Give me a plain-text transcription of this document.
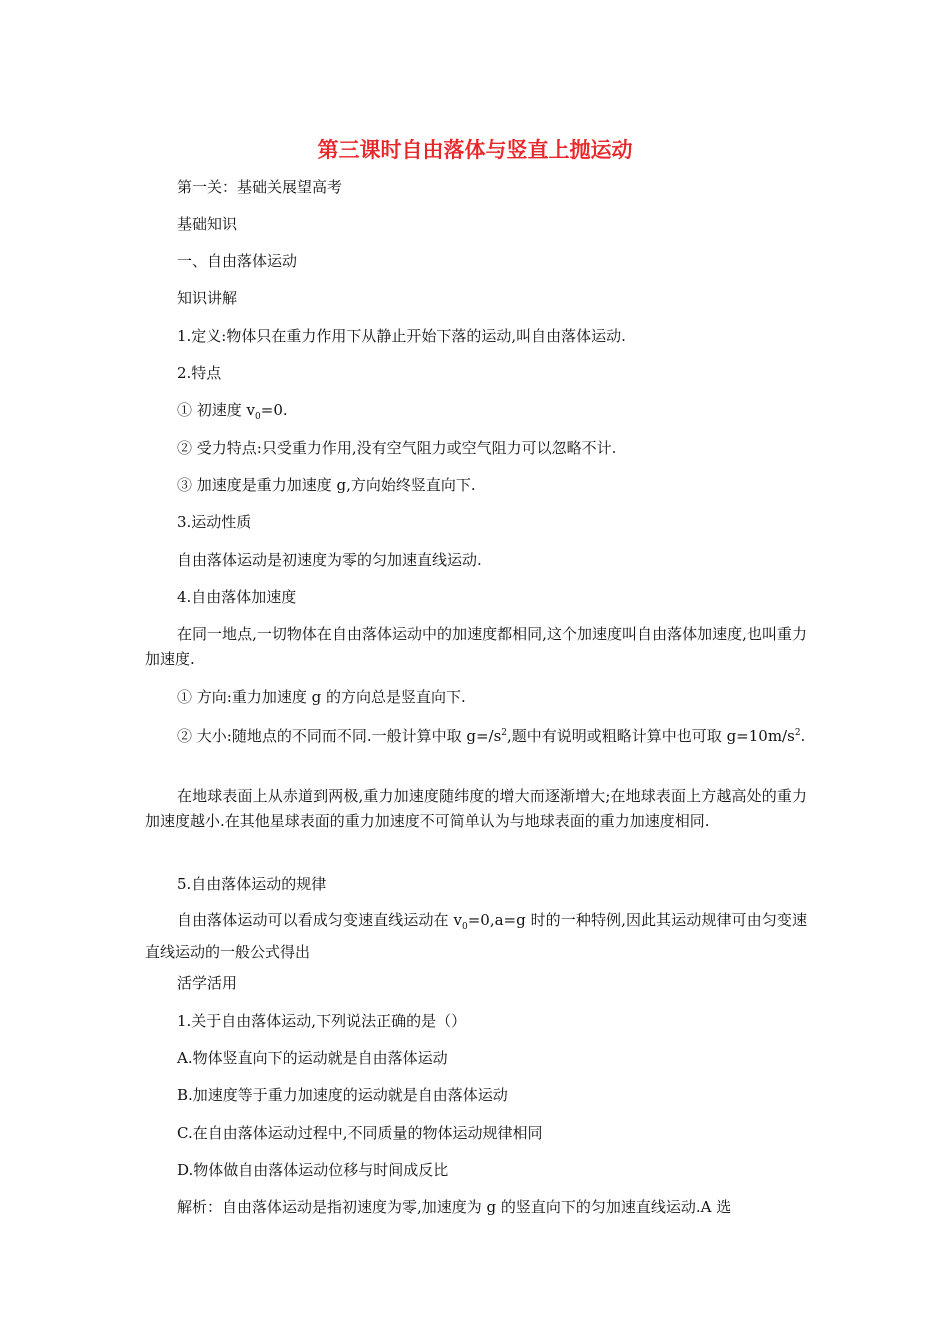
第三课时自由落体与竖直上抛运动
第一关：基础关展望高考
基础知识
一、自由落体运动
知识讲解
1.定义:物体只在重力作用下从静止开始下落的运动,叫自由落体运动.
2.特点
① 初速度 $v_0=0$.
② 受力特点:只受重力作用,没有空气阻力或空气阻力可以忽略不计.
③ 加速度是重力加速度 g,方向始终竖直向下.
3.运动性质
自由落体运动是初速度为零的匀加速直线运动.
4.自由落体加速度
在同一地点,一切物体在自由落体运动中的加速度都相同,这个加速度叫自由落体加速度,也叫重力加速度.
① 方向:重力加速度 g 的方向总是竖直向下.
② 大小:随地点的不同而不同.一般计算中取 $g=/s^2$,题中有说明或粗略计算中也可取 $g=10m/s^2$.
在地球表面上从赤道到两极,重力加速度随纬度的增大而逐渐增大;在地球表面上方越高处的重力加速度越小.在其他星球表面的重力加速度不可简单认为与地球表面的重力加速度相同.
5.自由落体运动的规律
自由落体运动可以看成匀变速直线运动在 $v_0=0,a=g$ 时的一种特例,因此其运动规律可由匀变速直线运动的一般公式得出
活学活用
1.关于自由落体运动,下列说法正确的是（）
A.物体竖直向下的运动就是自由落体运动
B.加速度等于重力加速度的运动就是自由落体运动
C.在自由落体运动过程中,不同质量的物体运动规律相同
D.物体做自由落体运动位移与时间成反比
解析：自由落体运动是指初速度为零,加速度为 g 的竖直向下的匀加速直线运动.A 选
